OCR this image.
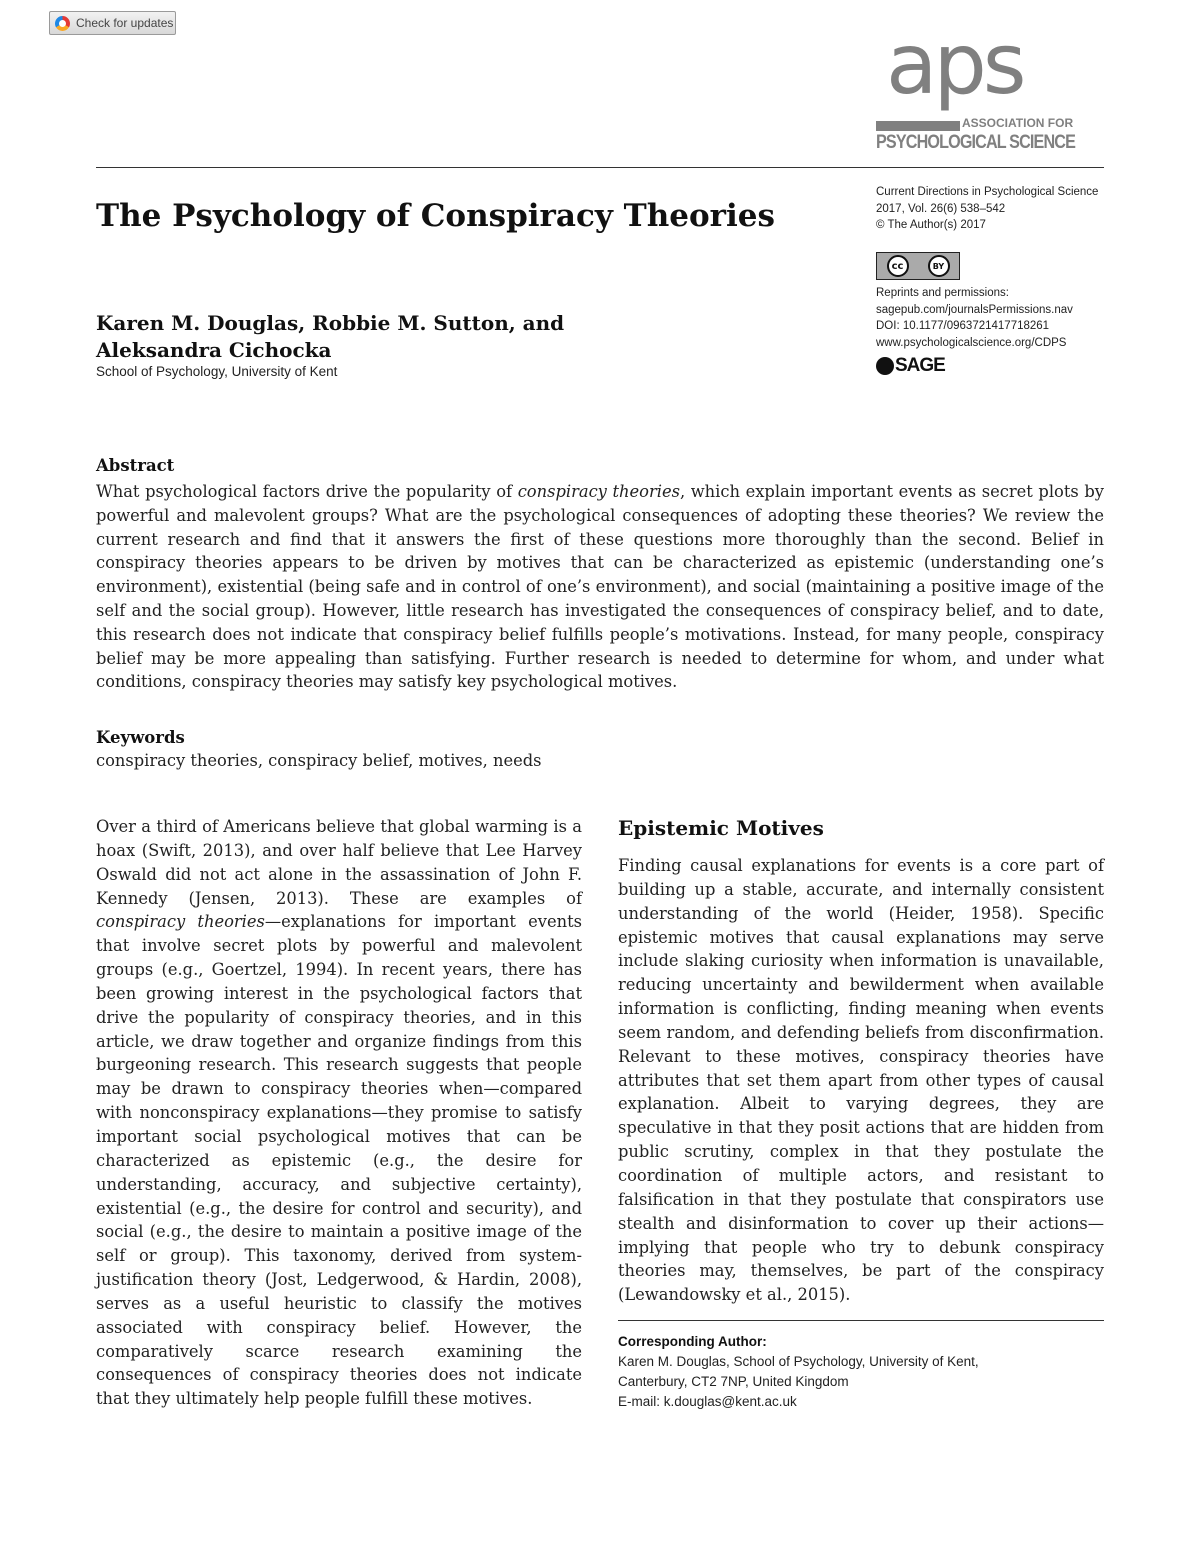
Check for updates	aps
ASSOCIATION FOR
PSYCHOLOGICAL SCIENCE
The Psychology of Conspiracy Theories
Karen M. Douglas, Robbie M. Sutton, and
Aleksandra Cichocka
School of Psychology, University of Kent
Current Directions in Psychological Science
2017, Vol. 26(6) 538–542
© The Author(s) 2017
cc	BY
Reprints and permissions:
sagepub.com/journalsPermissions.nav
DOI: 10.1177/0963721417718261
www.psychologicalscience.org/CDPS
SAGE
Abstract

What psychological factors drive the popularity of conspiracy theories, which explain important events as secret plots by powerful and malevolent groups? What are the psychological consequences of adopting these theories? We review the current research and find that it answers the first of these questions more thoroughly than the second. Belief in conspiracy theories appears to be driven by motives that can be characterized as epistemic (understanding one’s environment), existential (being safe and in control of one’s environment), and social (maintaining a positive image of the self and the social group). However, little research has investigated the consequences of conspiracy belief, and to date, this research does not indicate that conspiracy belief fulfills people’s motivations. Instead, for many people, conspiracy belief may be more appealing than satisfying. Further research is needed to determine for whom, and under what conditions, conspiracy theories may satisfy key psychological motives.

Keywords
conspiracy theories, conspiracy belief, motives, needs

Over a third of Americans believe that global warming is a hoax (Swift, 2013), and over half believe that Lee Harvey Oswald did not act alone in the assassination of John F. Kennedy (Jensen, 2013). These are examples of conspiracy theories—explanations for important events that involve secret plots by powerful and malevolent groups (e.g., Goertzel, 1994). In recent years, there has been growing interest in the psychological factors that drive the popularity of conspiracy theories, and in this article, we draw together and organize findings from this burgeoning research. This research suggests that people may be drawn to conspiracy theories when—compared with nonconspiracy explanations—they promise to satisfy important social psychological motives that can be characterized as epistemic (e.g., the desire for understanding, accuracy, and subjective certainty), existential (e.g., the desire for control and security), and social (e.g., the desire to maintain a positive image of the self or group). This taxonomy, derived from system-justification theory (Jost, Ledgerwood, & Hardin, 2008), serves as a useful heuristic to classify the motives associated with conspiracy belief. However, the comparatively scarce research examining the consequences of conspiracy theories does not indicate that they ultimately help people fulfill these motives.

Epistemic Motives

Finding causal explanations for events is a core part of building up a stable, accurate, and internally consistent understanding of the world (Heider, 1958). Specific epistemic motives that causal explanations may serve include slaking curiosity when information is unavailable, reducing uncertainty and bewilderment when available information is conflicting, finding meaning when events seem random, and defending beliefs from disconfirmation. Relevant to these motives, conspiracy theories have attributes that set them apart from other types of causal explanation. Albeit to varying degrees, they are speculative in that they posit actions that are hidden from public scrutiny, complex in that they postulate the coordination of multiple actors, and resistant to falsification in that they postulate that conspirators use stealth and disinformation to cover up their actions—implying that people who try to debunk conspiracy theories may, themselves, be part of the conspiracy (Lewandowsky et al., 2015).

Corresponding Author:
Karen M. Douglas, School of Psychology, University of Kent,
Canterbury, CT2 7NP, United Kingdom
E-mail: k.douglas@kent.ac.uk
